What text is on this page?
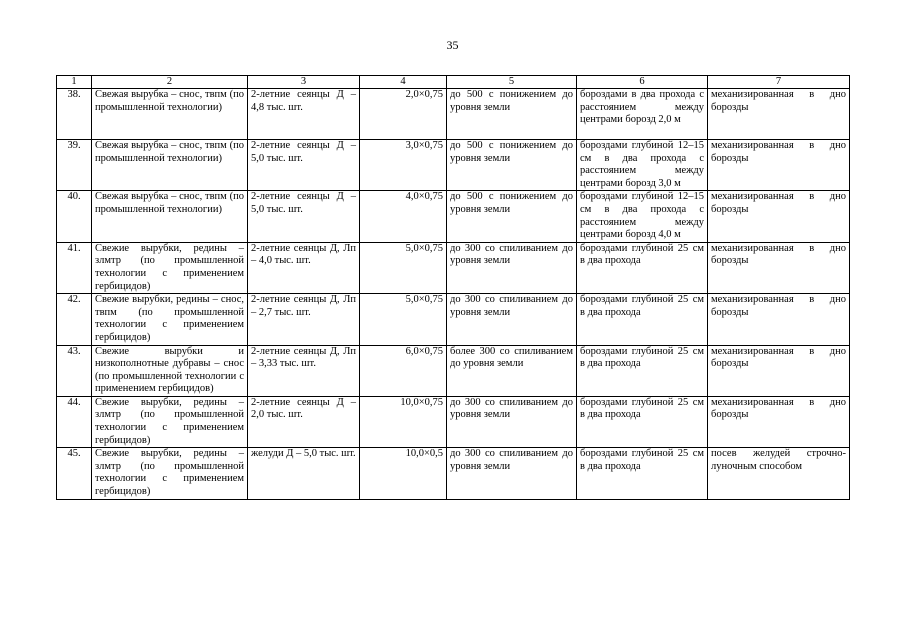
35
1	2	3	4	5	6	7
38.	Свежая вырубка – снос, твпм (по промышленной технологии)	2-летние сеянцы Д – 4,8 тыс. шт.	2,0×0,75	до 500 с понижением до уровня земли	бороздами в два прохода с расстоянием между центрами борозд 2,0 м	механизированная в дно борозды
39.	Свежая вырубка – снос, твпм (по промышленной технологии)	2-летние сеянцы Д – 5,0 тыс. шт.	3,0×0,75	до 500 с понижением до уровня земли	бороздами глубиной 12–15 см в два прохода с расстоянием между центрами борозд 3,0 м	механизированная в дно борозды
40.	Свежая вырубка – снос, твпм (по промышленной технологии)	2-летние сеянцы Д – 5,0 тыс. шт.	4,0×0,75	до 500 с понижением до уровня земли	бороздами глубиной 12–15 см в два прохода с расстоянием между центрами борозд 4,0 м	механизированная в дно борозды
41.	Свежие вырубки, редины – злмтр (по промышленной технологии с применением гербицидов)	2-летние сеянцы Д, Лп – 4,0 тыс. шт.	5,0×0,75	до 300 со спиливанием до уровня земли	бороздами глубиной 25 см в два прохода	механизированная в дно борозды
42.	Свежие вырубки, редины – снос, твпм (по промышленной технологии с применением гербицидов)	2-летние сеянцы Д, Лп – 2,7 тыс. шт.	5,0×0,75	до 300 со спиливанием до уровня земли	бороздами глубиной 25 см в два прохода	механизированная в дно борозды
43.	Свежие вырубки и низкополнотные дубравы – снос (по промышленной технологии с применением гербицидов)	2-летние сеянцы Д, Лп – 3,33 тыс. шт.	6,0×0,75	более 300 со спиливанием до уровня земли	бороздами глубиной 25 см в два прохода	механизированная в дно борозды
44.	Свежие вырубки, редины – злмтр (по промышленной технологии с применением гербицидов)	2-летние сеянцы Д – 2,0 тыс. шт.	10,0×0,75	до 300 со спиливанием до уровня земли	бороздами глубиной 25 см в два прохода	механизированная в дно борозды
45.	Свежие вырубки, редины – злмтр (по промышленной технологии с применением гербицидов)	желуди Д – 5,0 тыс. шт.	10,0×0,5	до 300 со спиливанием до уровня земли	бороздами глубиной 25 см в два прохода	посев желудей строчно-луночным способом
